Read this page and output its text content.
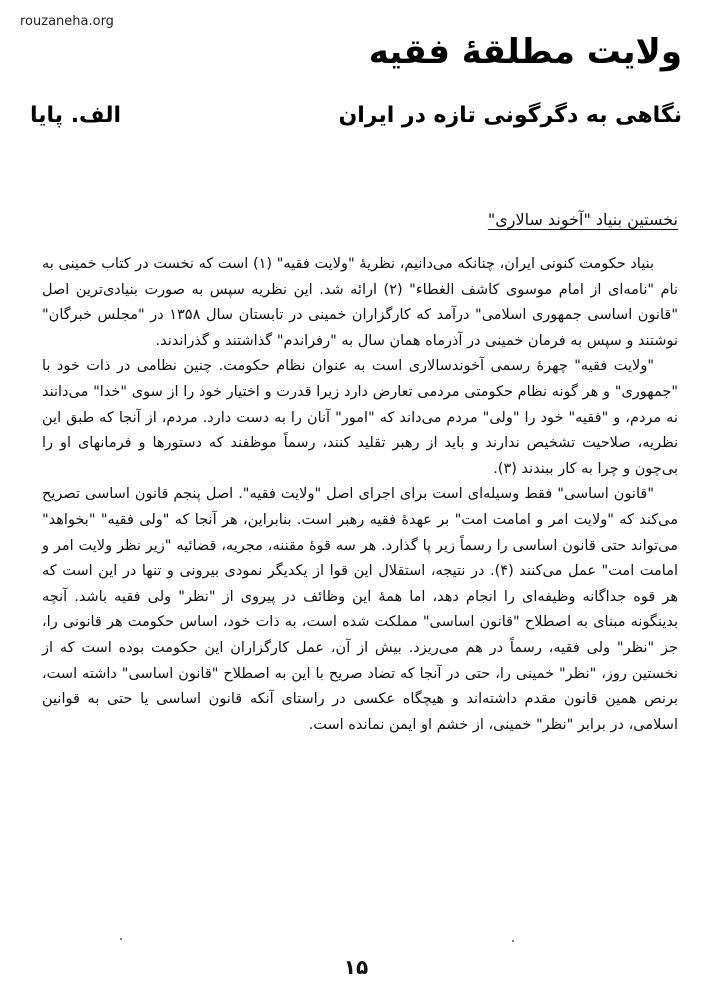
rouzaneha.org
ولایت مطلقۀ فقیه
نگاهی به دگرگونی تازه در ایران
الف. پایا
نخستین بنیاد "آخوند سالاری"

بنیاد حکومت کنونی ایران، چنانکه می‌دانیم، نظریۀ "ولایت فقیه" (۱) است که نخست در کتاب خمینی به نام "نامه‌ای از امام موسوی کاشف الغطاء" (۲) ارائه شد. این نظریه سپس به صورت بنیادی‌ترین اصل "قانون اساسی جمهوری اسلامی" درآمد که کارگزاران خمینی در تابستان سال ۱۳۵۸ در "مجلس خبرگان" نوشتند و سپس به فرمان خمینی در آذرماه همان سال به "رفراندم" گذاشتند و گذراندند.

"ولایت فقیه" چهرۀ رسمی آخوندسالاری است به عنوان نظام حکومت. چنین نظامی در ذات خود با "جمهوری" و هر گونه نظام حکومتی مردمی تعارض دارد زیرا قدرت و اختیار خود را از سوی "خدا" می‌دانند نه مردم، و "فقیه" خود را "ولی" مردم می‌داند که "امور" آنان را به دست دارد. مردم، از آنجا که طبق این نظریه، صلاحیت تشخیص ندارند و باید از رهبر تقلید کنند، رسماً موظفند که دستورها و فرمانهای او را بی‌چون و چرا به کار ببندند (۳).

"قانون اساسی" فقط وسیله‌ای است برای اجرای اصل "ولایت فقیه". اصل پنجم قانون اساسی تصریح می‌کند که "ولایت امر و امامت امت" بر عهدۀ فقیه رهبر است. بنابراین، هر آنجا که "ولی فقیه" "بخواهد" می‌تواند حتی قانون اساسی را رسماً زیر پا گذارد. هر سه قوۀ مقننه، مجریه، قضائیه "زیر نظر ولایت امر و امامت امت" عمل می‌کنند (۴). در نتیجه، استقلال این قوا از یکدیگر نمودی بیرونی و تنها در این است که هر قوه جداگانه وظیفه‌ای را انجام دهد، اما همۀ این وظائف در پیروی از "نظر" ولی فقیه باشد. آنچه بدینگونه مبنای به اصطلاح "قانون اساسی" مملکت شده است، به ذات خود، اساس حکومت هر قانونی را، جز "نظر" ولی فقیه، رسماً در هم می‌ریزد. بیش از آن، عمل کارگزاران این حکومت بوده است که از نخستین روز، "نظر" خمینی را، حتی در آنجا که تضاد صریح با این به اصطلاح "قانون اساسی" داشته است، برنص همین قانون مقدم داشته‌اند و هیچگاه عکسی در راستای آنکه قانون اساسی یا حتی به قوانین اسلامی، در برابر "نظر" خمینی، از خشم او ایمن نمانده است.

۱۵
